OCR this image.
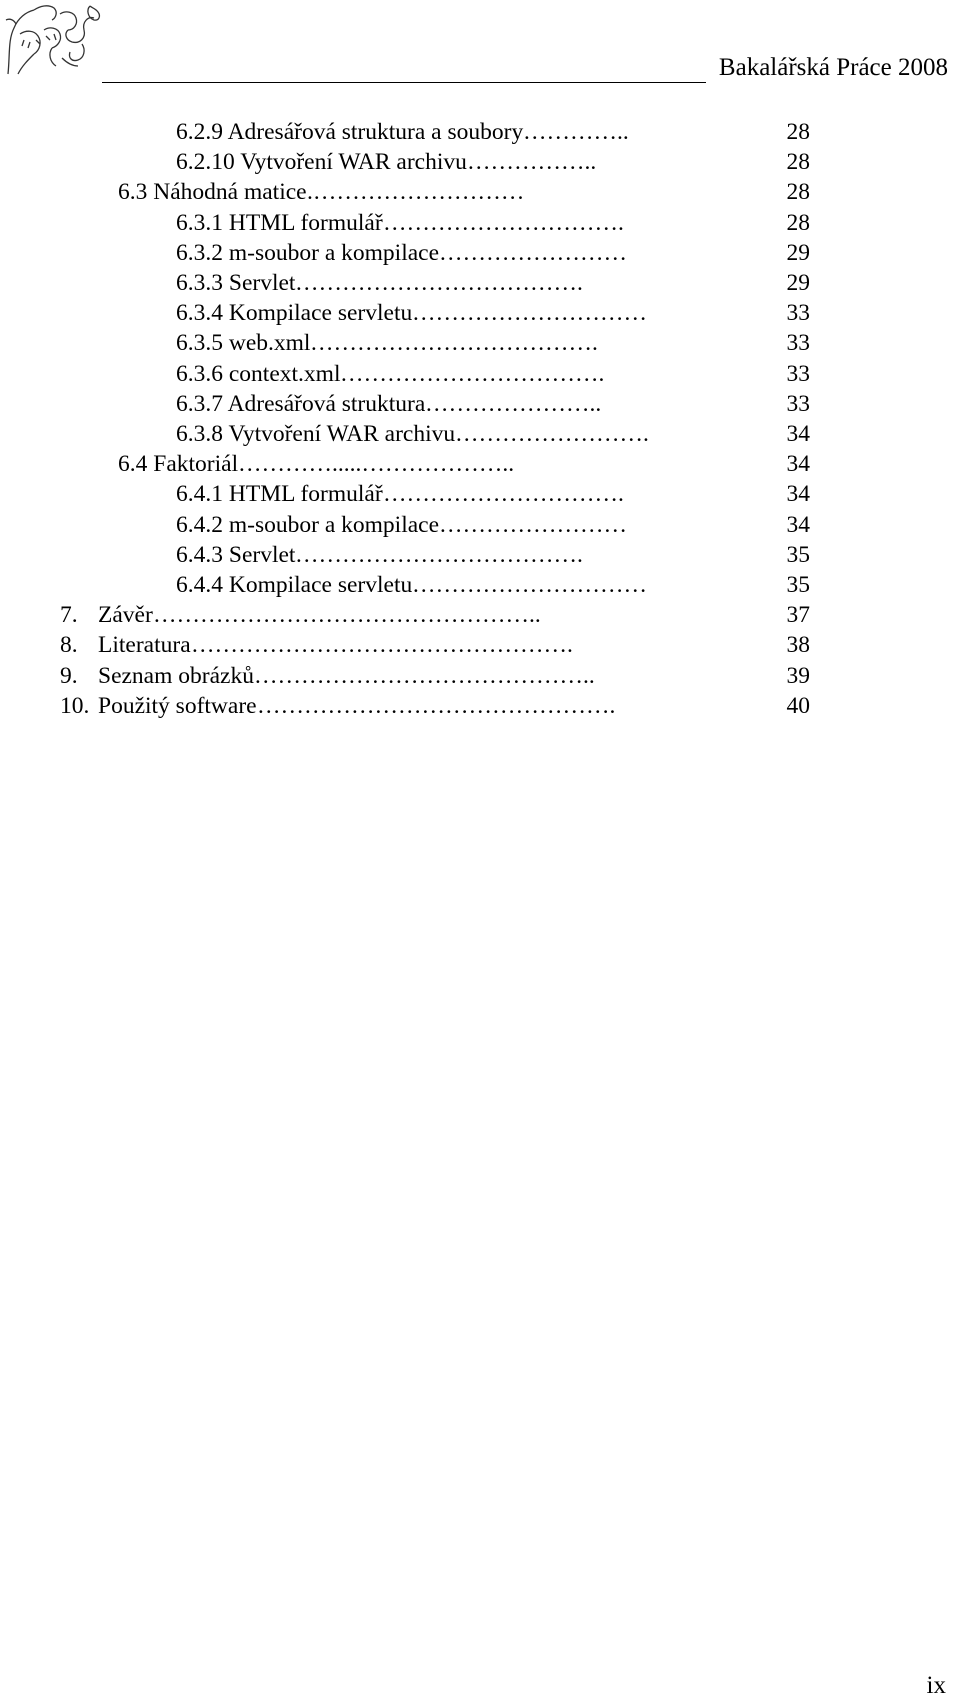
Bakalářská Práce 2008
6.2.9 Adresářová struktura a soubory …………..	28
6.2.10 Vytvoření WAR archivu ……………..	28
6.3 Náhodná matice .………………………	28
6.3.1 HTML formulář ………………………….	28
6.3.2 m-soubor a kompilace ……………………	29
6.3.3 Servlet ……………………………….	29
6.3.4 Kompilace servletu …………………………	33
6.3.5 web.xml ……………………………….	33
6.3.6 context.xml …………………………….	33
6.3.7 Adresářová struktura …………………..	33
6.3.8 Vytvoření WAR archivu …………………….	34
6.4 Faktoriál ………….....………………..	34
6.4.1 HTML formulář ………………………….	34
6.4.2 m-soubor a kompilace ……………………	34
6.4.3 Servlet ……………………………….	35
6.4.4 Kompilace servletu …………………………	35
7. Závěr …………………………………………..	37
8. Literatura ………………………………………….	38
9. Seznam obrázků ……………………………………..	39
10. Použitý software ……………………………………….	40
ix
